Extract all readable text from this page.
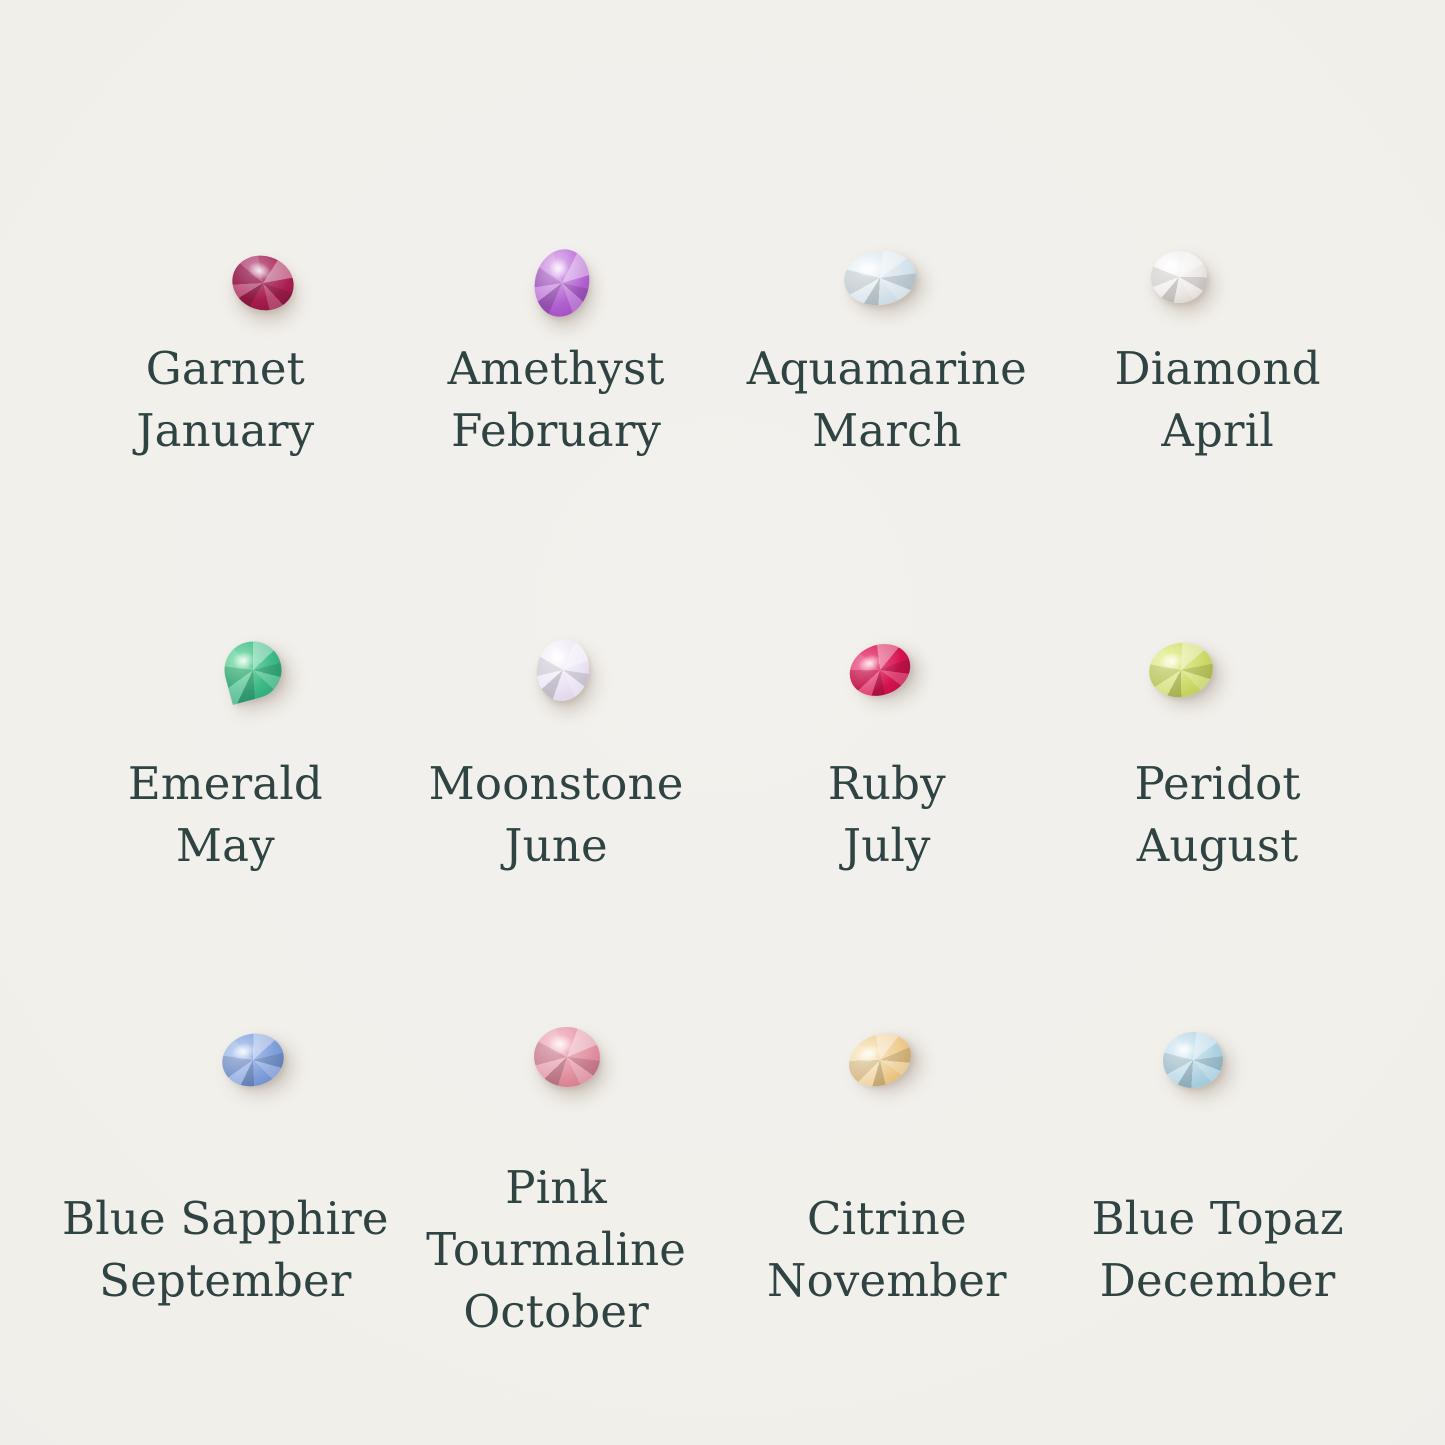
Garnet
January
Amethyst
February
Aquamarine
March
Diamond
April
Emerald
May
Moonstone
June
Ruby
July
Peridot
August
Blue Sapphire
September
Pink Tourmaline
October
Citrine
November
Blue Topaz
December
